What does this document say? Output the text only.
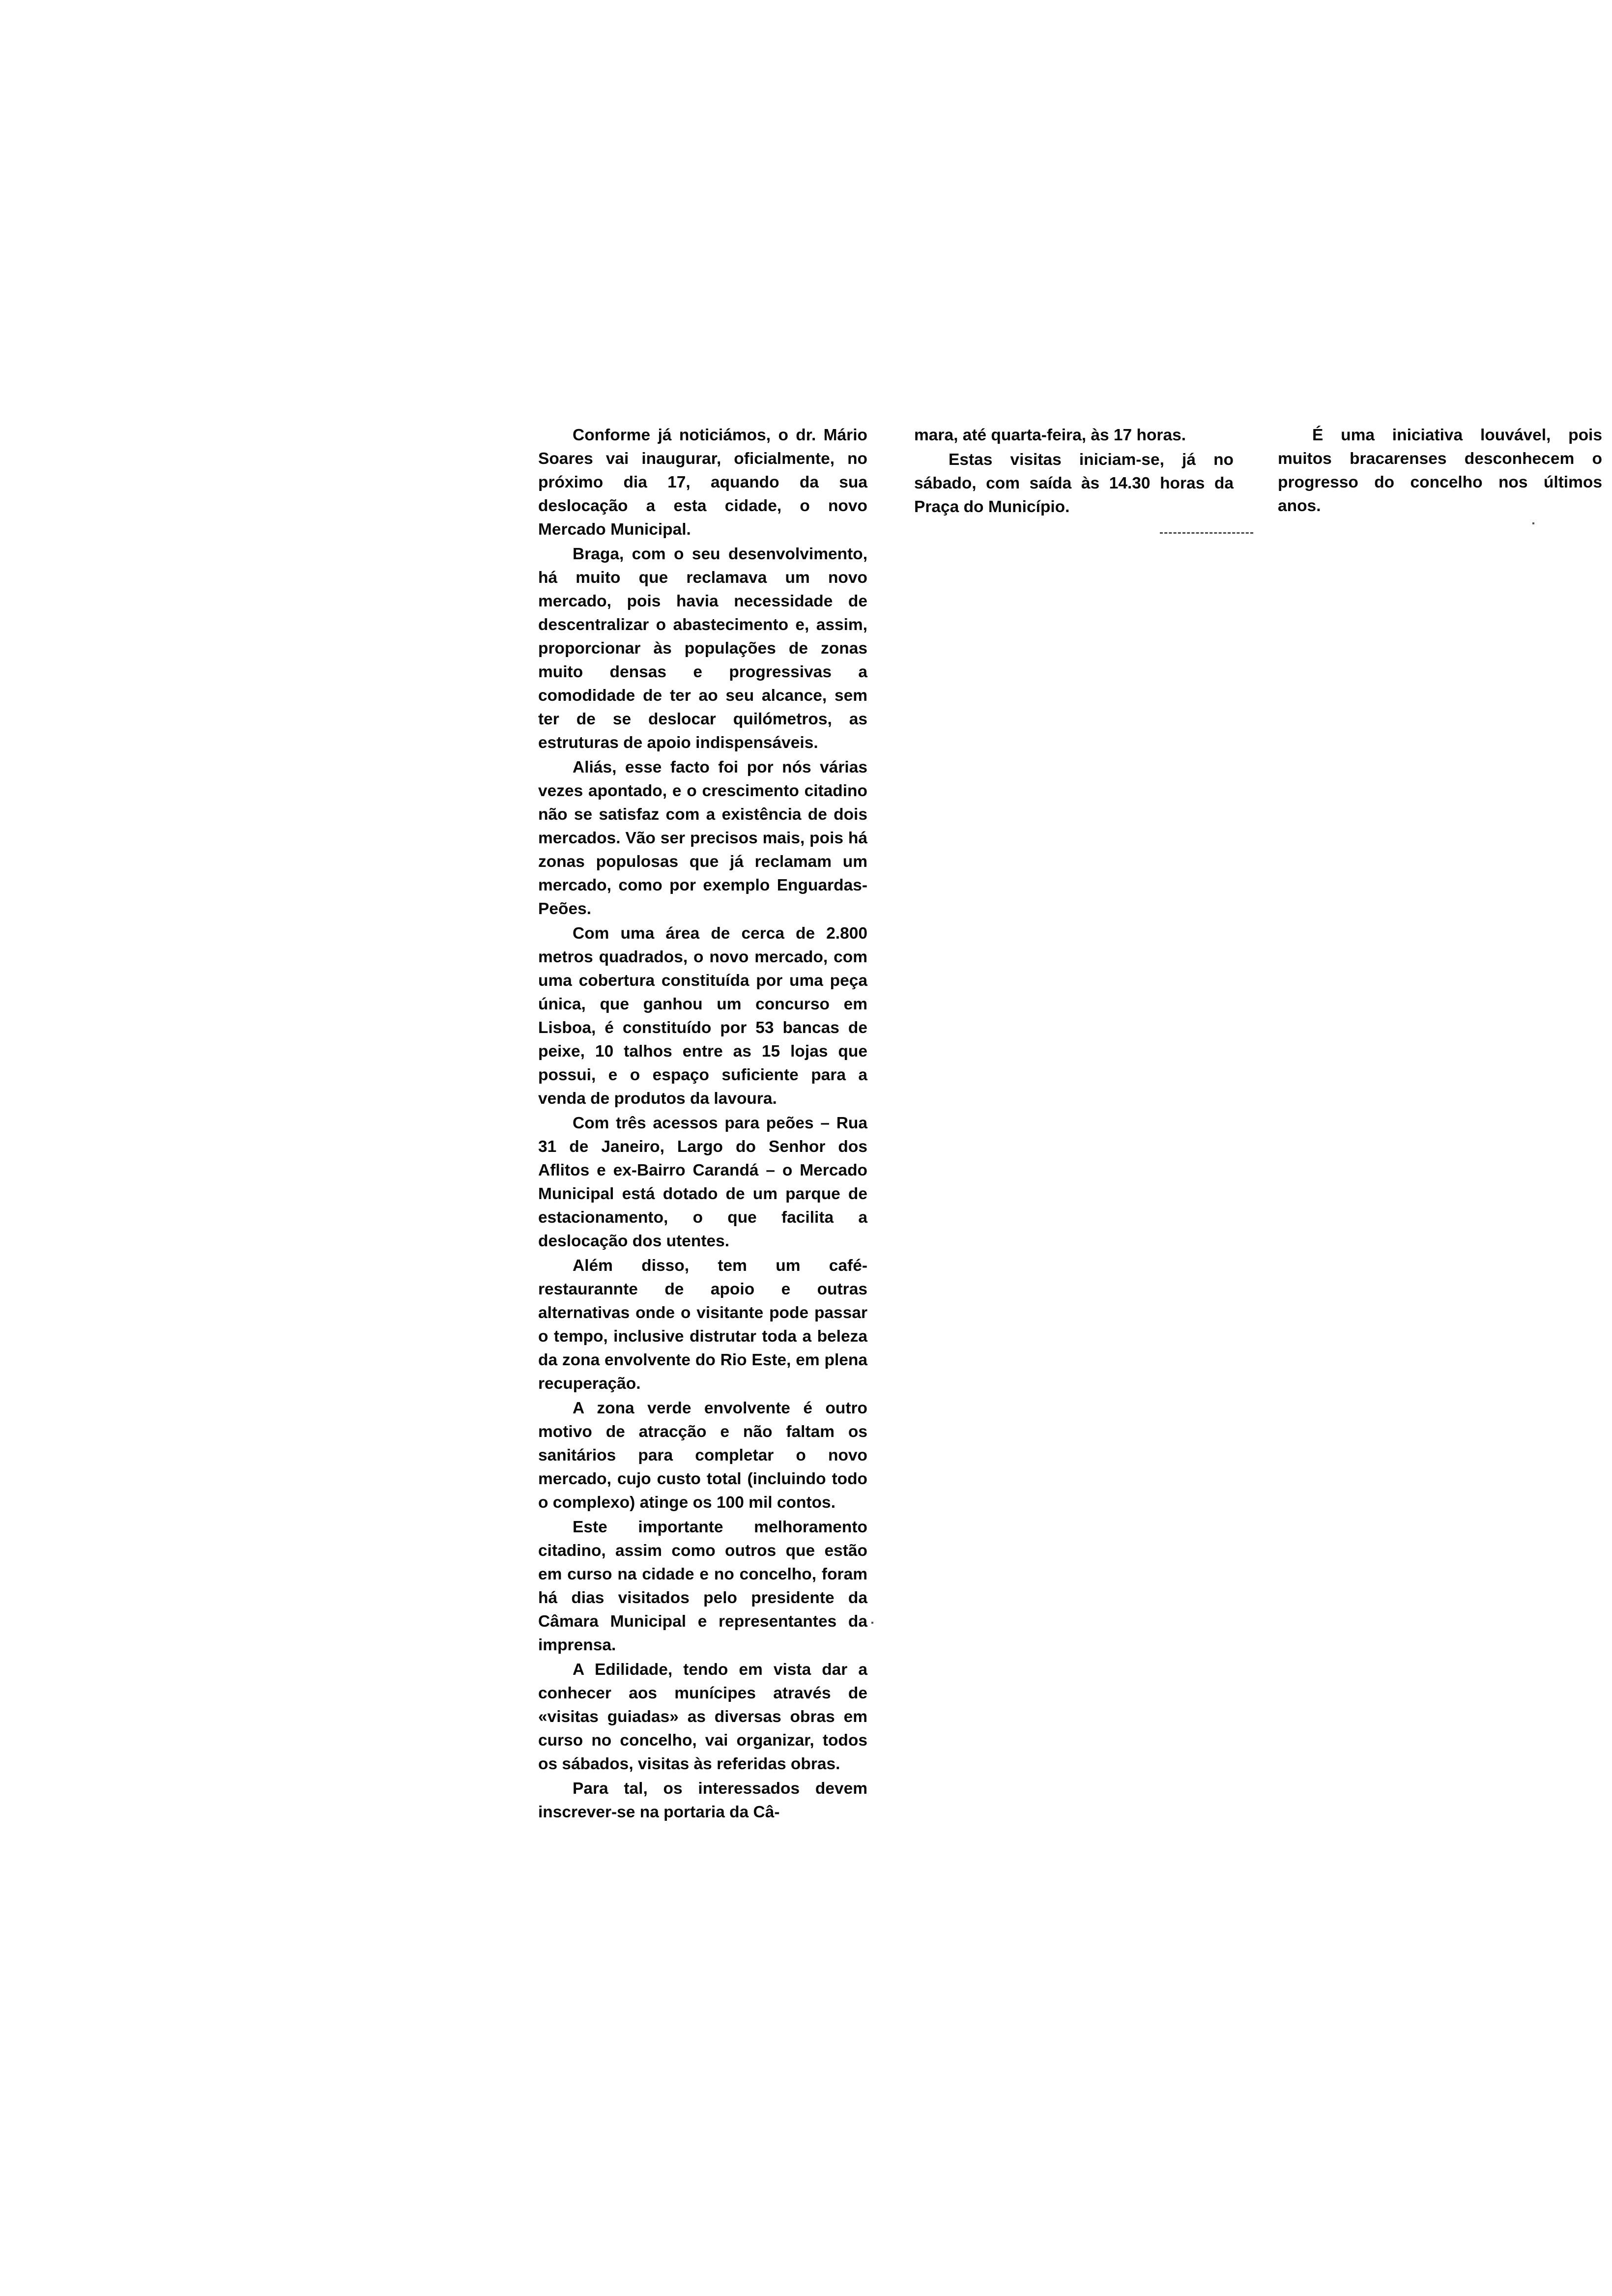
Conforme já noticiámos, o dr. Mário Soares vai inaugurar, oficialmente, no próximo dia 17, aquando da sua deslocação a esta cidade, o novo Mercado Municipal.

Braga, com o seu desenvolvimento, há muito que reclamava um novo mercado, pois havia necessidade de descentralizar o abastecimento e, assim, proporcionar às populações de zonas muito densas e progressivas a comodidade de ter ao seu alcance, sem ter de se deslocar quilómetros, as estruturas de apoio indispensáveis.

Aliás, esse facto foi por nós várias vezes apontado, e o crescimento citadino não se satisfaz com a existência de dois mercados. Vão ser precisos mais, pois há zonas populosas que já reclamam um mercado, como por exemplo Enguardas-Peões.

Com uma área de cerca de 2.800 metros quadrados, o novo mercado, com uma cobertura constituída por uma peça única, que ganhou um concurso em Lisboa, é constituído por 53 bancas de peixe, 10 talhos entre as 15 lojas que possui, e o espaço suficiente para a venda de produtos da lavoura.

Com três acessos para peões – Rua 31 de Janeiro, Largo do Senhor dos Aflitos e ex-Bairro Carandá – o Mercado Municipal está dotado de um parque de estacionamento, o que facilita a deslocação dos utentes.

Além disso, tem um café-restaurannte de apoio e outras alternativas onde o visitante pode passar o tempo, inclusive distrutar toda a beleza da zona envolvente do Rio Este, em plena recuperação.

A zona verde envolvente é outro motivo de atracção e não faltam os sanitários para completar o novo mercado, cujo custo total (incluindo todo o complexo) atinge os 100 mil contos.

Este importante melhoramento citadino, assim como outros que estão em curso na cidade e no concelho, foram há dias visitados pelo presidente da Câmara Municipal e representantes da imprensa.

A Edilidade, tendo em vista dar a conhecer aos munícipes através de «visitas guiadas» as diversas obras em curso no concelho, vai organizar, todos os sábados, visitas às referidas obras.

Para tal, os interessados devem inscrever-se na portaria da Câ-

mara, até quarta-feira, às 17 horas.

Estas visitas iniciam-se, já no sábado, com saída às 14.30 horas da Praça do Município.

É uma iniciativa louvável, pois muitos bracarenses desconhecem o progresso do concelho nos últimos anos.
